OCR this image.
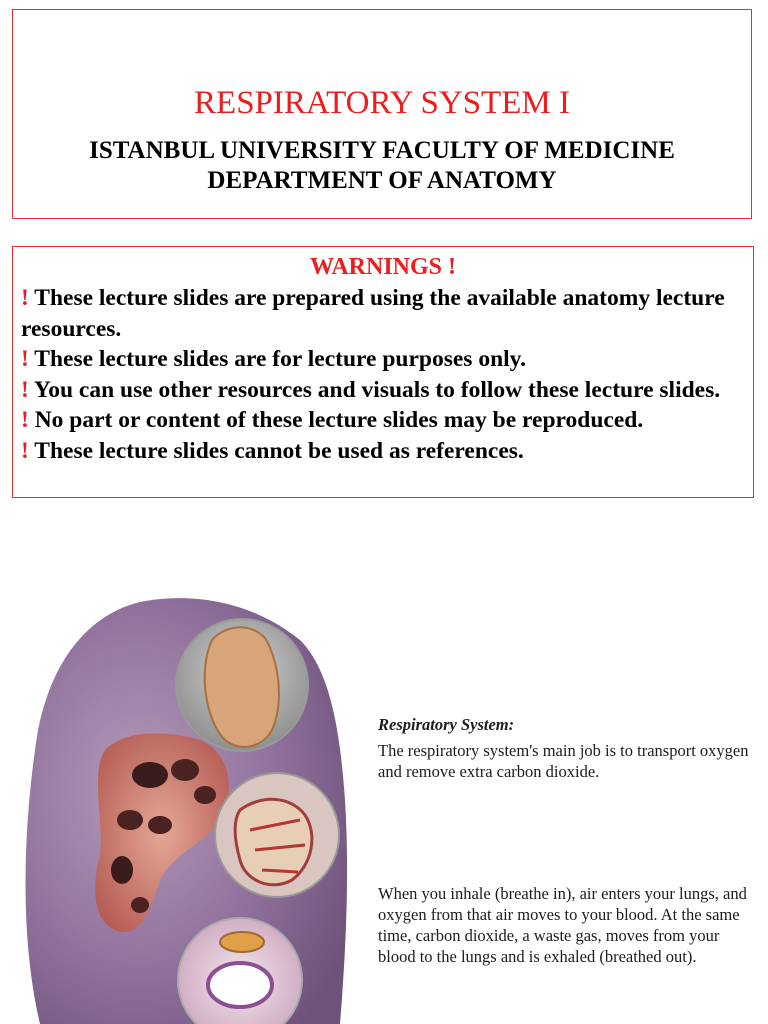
RESPIRATORY SYSTEM I
ISTANBUL UNIVERSITY FACULTY OF MEDICINE
DEPARTMENT OF ANATOMY
WARNINGS !

! These lecture slides are prepared using the available anatomy lecture resources.

! These lecture slides are for lecture purposes only.

! You can use other resources and visuals to follow these lecture slides.

! No part or content of these lecture slides may be reproduced.

! These lecture slides cannot be used as references.

Respiratory System:
The respiratory system's main job is to transport oxygen and remove extra carbon dioxide.
When you inhale (breathe in), air enters your lungs, and oxygen from that air moves to your blood. At the same time, carbon dioxide, a waste gas, moves from your blood to the lungs and is exhaled (breathed out).
